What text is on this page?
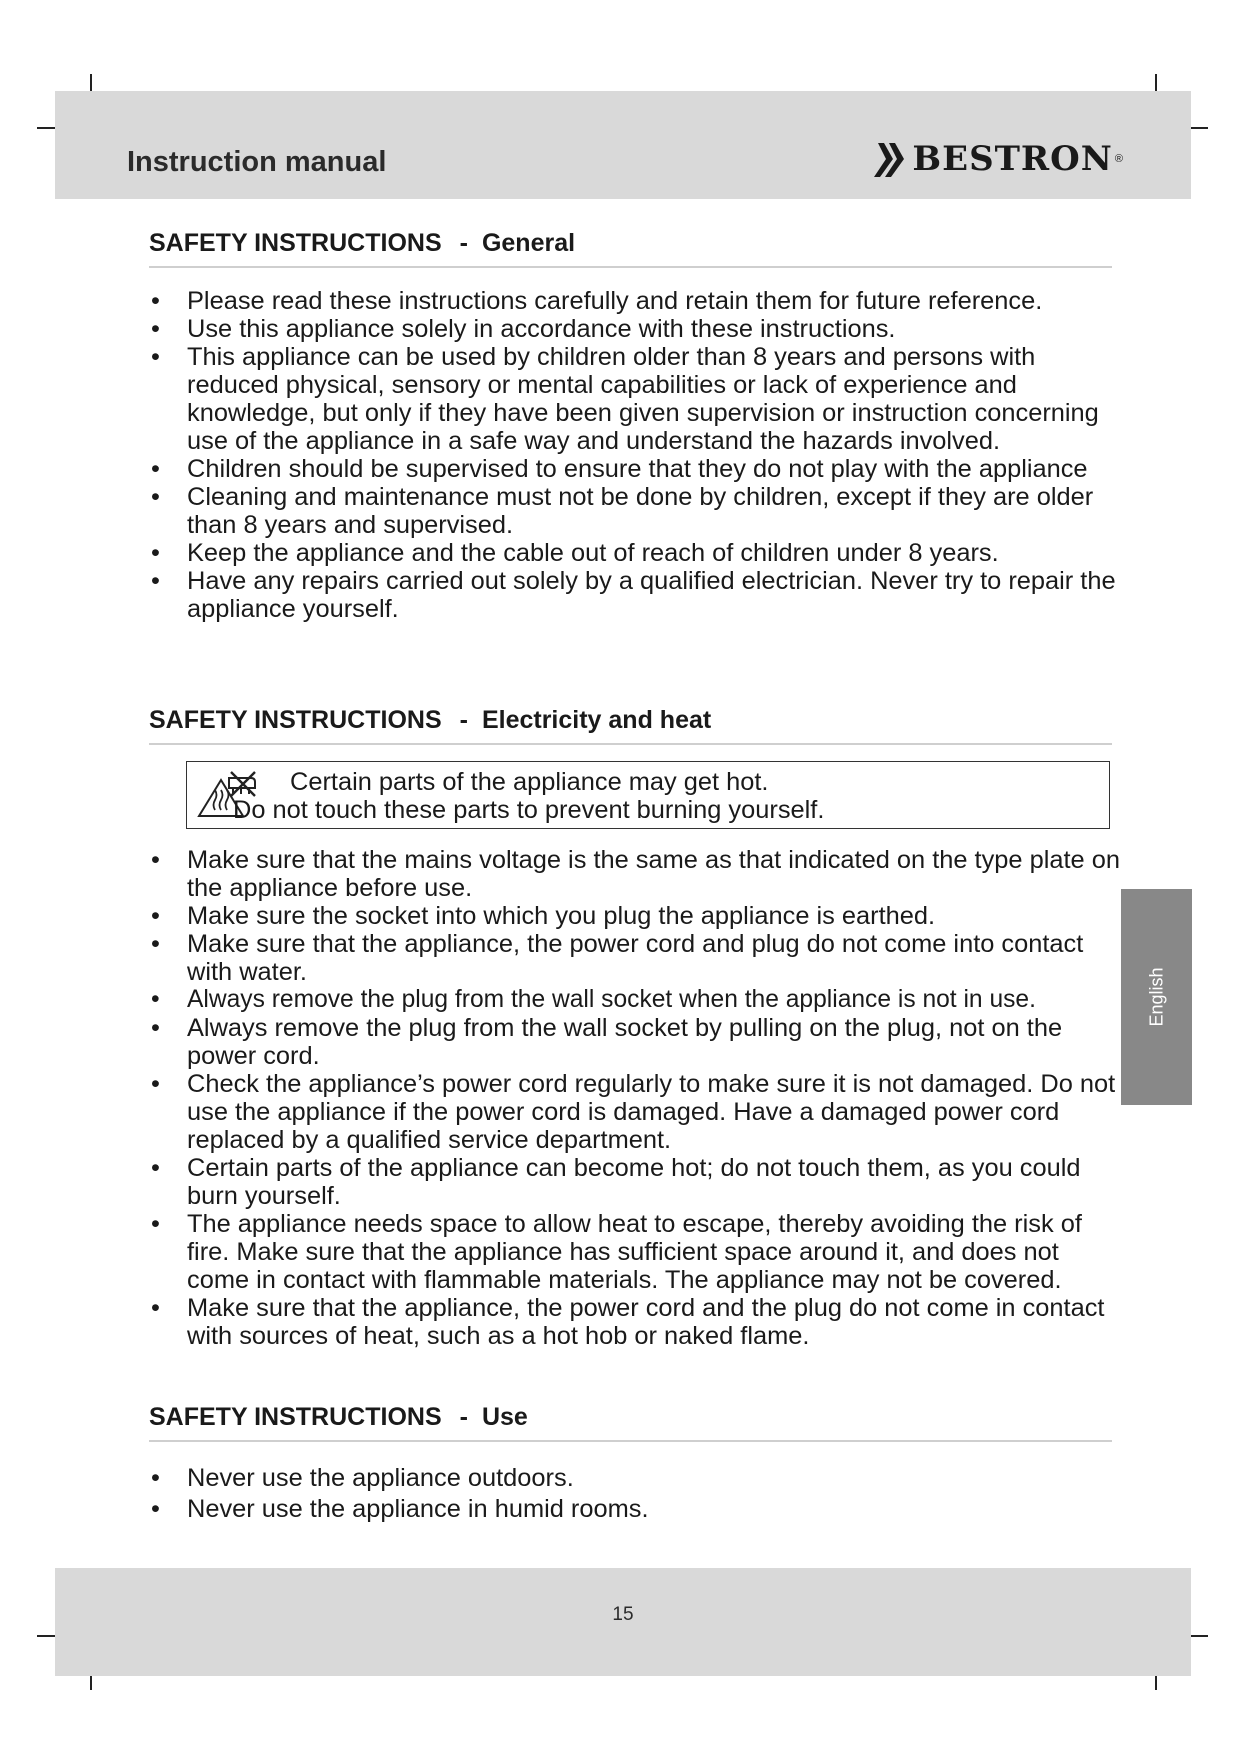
Instruction manual	BESTRON ®
SAFETY INSTRUCTIONS - General
• Please read these instructions carefully and retain them for future reference.
• Use this appliance solely in accordance with these instructions.
• This appliance can be used by children older than 8 years and persons with reduced physical, sensory or mental capabilities or lack of experience and knowledge, but only if they have been given supervision or instruction concerning use of the appliance in a safe way and understand the hazards involved.
• Children should be supervised to ensure that they do not play with the appliance
• Cleaning and maintenance must not be done by children, except if they are older than 8 years and supervised.
• Keep the appliance and the cable out of reach of children under 8 years.
• Have any repairs carried out solely by a qualified electrician. Never try to repair the appliance yourself.
SAFETY INSTRUCTIONS - Electricity and heat
Certain parts of the appliance may get hot.
Do not touch these parts to prevent burning yourself.
• Make sure that the mains voltage is the same as that indicated on the type plate on the appliance before use.
• Make sure the socket into which you plug the appliance is earthed.
• Make sure that the appliance, the power cord and plug do not come into contact with water.
• Always remove the plug from the wall socket when the appliance is not in use.
• Always remove the plug from the wall socket by pulling on the plug, not on the power cord.
• Check the appliance’s power cord regularly to make sure it is not damaged. Do not use the appliance if the power cord is damaged. Have a damaged power cord replaced by a qualified service department.
• Certain parts of the appliance can become hot; do not touch them, as you could burn yourself.
• The appliance needs space to allow heat to escape, thereby avoiding the risk of fire. Make sure that the appliance has sufficient space around it, and does not come in contact with flammable materials. The appliance may not be covered.
• Make sure that the appliance, the power cord and the plug do not come in contact with sources of heat, such as a hot hob or naked flame.
SAFETY INSTRUCTIONS - Use
• Never use the appliance outdoors.
• Never use the appliance in humid rooms.
English
15
